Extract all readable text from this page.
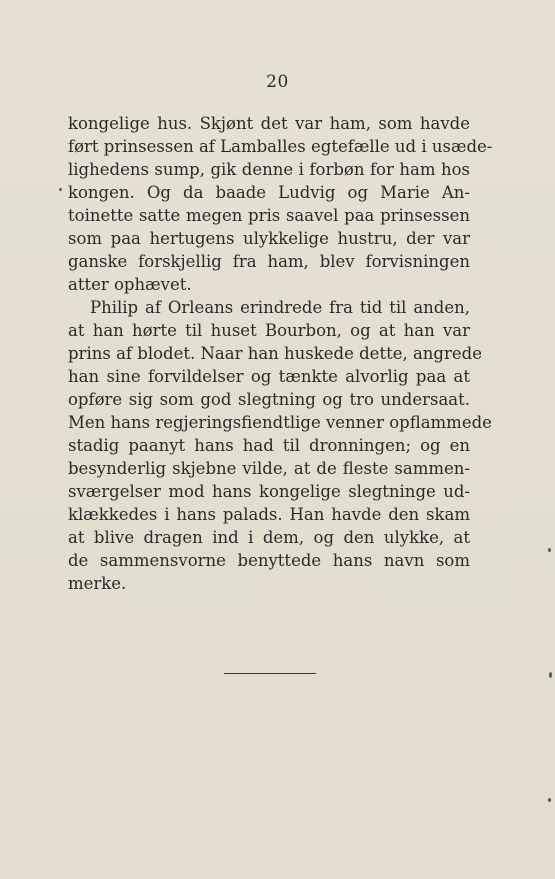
20
kongelige hus. Skjønt det var ham, som havde
ført prinsessen af Lamballes egtefælle ud i usæde-
lighedens sump, gik denne i forbøn for ham hos
kongen. Og da baade Ludvig og Marie An-
toinette satte megen pris saavel paa prinsessen
som paa hertugens ulykkelige hustru, der var
ganske forskjellig fra ham, blev forvisningen
atter ophævet.
Philip af Orleans erindrede fra tid til anden,
at han hørte til huset Bourbon, og at han var
prins af blodet. Naar han huskede dette, angrede
han sine forvildelser og tænkte alvorlig paa at
opføre sig som god slegtning og tro undersaat.
Men hans regjeringsfiendtlige venner opflammede
stadig paanyt hans had til dronningen; og en
besynderlig skjebne vilde, at de fleste sammen-
sværgelser mod hans kongelige slegtninge ud-
klækkedes i hans palads. Han havde den skam
at blive dragen ind i dem, og den ulykke, at
de sammensvorne benyttede hans navn som
merke.
